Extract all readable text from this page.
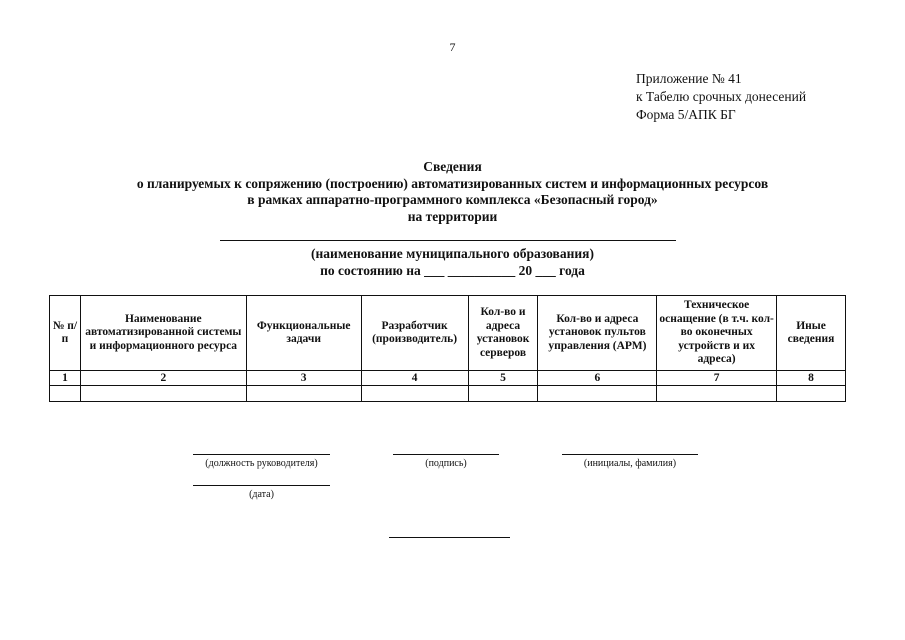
7
Приложение № 41
к Табелю срочных донесений
Форма 5/АПК БГ
Сведения
о планируемых к сопряжению (построению) автоматизированных систем и информационных ресурсов
в рамках аппаратно-программного комплекса «Безопасный город»
на территории
(наименование муниципального образования)
по состоянию на ___ __________ 20 ___ года
№ п/п	Наименование автоматизированной системы и информационного ресурса	Функциональные задачи	Разработчик (производитель)	Кол-во и адреса установок серверов	Кол-во и адреса установок пультов управления (АРМ)	Техническое оснащение (в т.ч. кол-во оконечных устройств и их адреса)	Иные сведения
1	2	3	4	5	6	7	8

(должность руководителя)	(подпись)	(инициалы, фамилия)
(дата)
